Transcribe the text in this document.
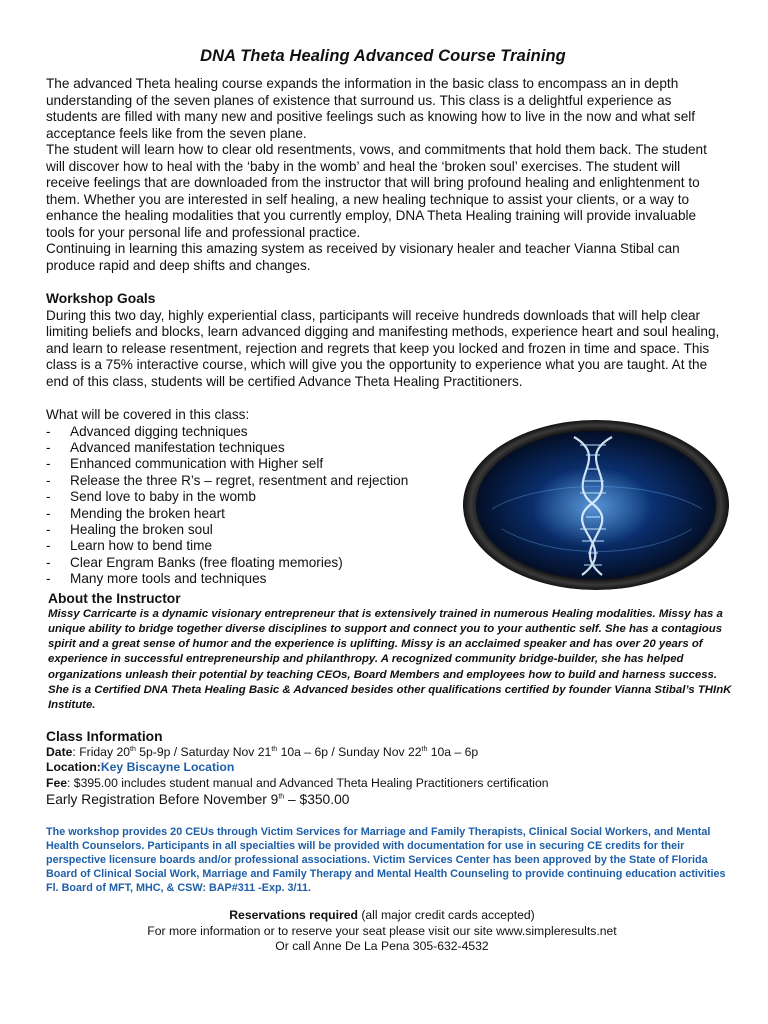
DNA Theta Healing Advanced Course Training

The advanced Theta healing course expands the information in the basic class to encompass an in depth understanding of the seven planes of existence that surround us. This class is a delightful experience as students are filled with many new and positive feelings such as knowing how to live in the now and what self acceptance feels like from the seven plane.

The student will learn how to clear old resentments, vows, and commitments that hold them back. The student will discover how to heal with the ‘baby in the womb’ and heal the ‘broken soul’ exercises. The student will receive feelings that are downloaded from the instructor that will bring profound healing and enlightenment to them. Whether you are interested in self healing, a new healing technique to assist your clients, or a way to enhance the healing modalities that you currently employ, DNA Theta Healing training will provide invaluable tools for your personal life and professional practice.

Continuing in learning this amazing system as received by visionary healer and teacher Vianna Stibal can produce rapid and deep shifts and changes.

Workshop Goals

During this two day, highly experiential class, participants will receive hundreds downloads that will help clear limiting beliefs and blocks, learn advanced digging and manifesting methods, experience heart and soul healing, and learn to release resentment, rejection and regrets that keep you locked and frozen in time and space. This class is a 75% interactive course, which will give you the opportunity to experience what you are taught. At the end of this class, students will be certified Advance Theta Healing Practitioners.

What will be covered in this class:

- Advanced digging techniques
- Advanced manifestation techniques
- Enhanced communication with Higher self
- Release the three R’s – regret, resentment and rejection
- Send love to baby in the womb
- Mending the broken heart
- Healing the broken soul
- Learn how to bend time
- Clear Engram Banks (free floating memories)
- Many more tools and techniques
About the Instructor

Missy Carricarte is a dynamic visionary entrepreneur that is extensively trained in numerous Healing modalities. Missy has a unique ability to bridge together diverse disciplines to support and connect you to your authentic self. She has a contagious spirit and a great sense of humor and the experience is uplifting. Missy is an acclaimed speaker and has over 20 years of experience in successful entrepreneurship and philanthropy. A recognized community bridge-builder, she has helped organizations unleash their potential by teaching CEOs, Board Members and employees how to build and harness success. She is a Certified DNA Theta Healing Basic & Advanced besides other qualifications certified by founder Vianna Stibal’s THInK Institute.

Class Information

Date: Friday 20th 5p-9p / Saturday Nov 21th 10a – 6p / Sunday Nov 22th 10a – 6p

Location:Key Biscayne Location

Fee: $395.00 includes student manual and Advanced Theta Healing Practitioners certification

Early Registration Before November 9th – $350.00

The workshop provides 20 CEUs through Victim Services for Marriage and Family Therapists, Clinical Social Workers, and Mental Health Counselors. Participants in all specialties will be provided with documentation for use in securing CE credits for their perspective licensure boards and/or professional associations. Victim Services Center has been approved by the State of Florida Board of Clinical Social Work, Marriage and Family Therapy and Mental Health Counseling to provide continuing education activities Fl. Board of MFT, MHC, & CSW: BAP#311 -Exp. 3/11.

Reservations required (all major credit cards accepted)
For more information or to reserve your seat please visit our site www.simpleresults.net
Or call Anne De La Pena 305-632-4532
